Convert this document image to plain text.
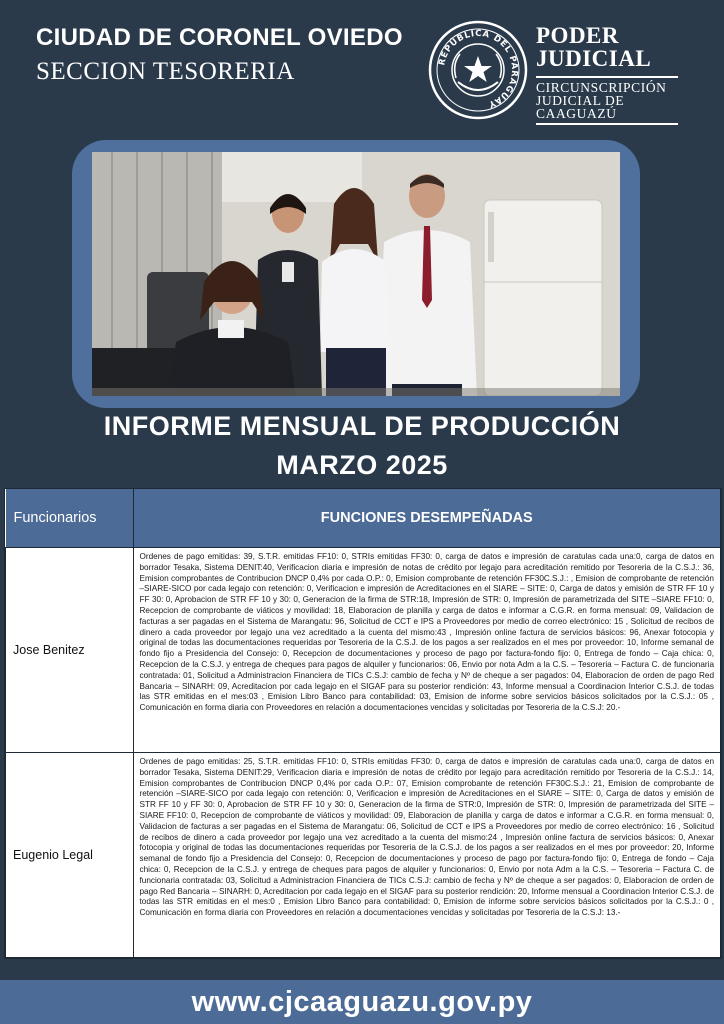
CIUDAD DE CORONEL OVIEDO
SECCION TESORERIA	REPÚBLICA DEL PARAGUAY
PODER
JUDICIAL
CIRCUNSCRIPCIÓN
JUDICIAL DE
CAAGUAZÚ
INFORME MENSUAL DE PRODUCCIÓN
MARZO 2025
Funcionarios	FUNCIONES DESEMPEÑADAS
Jose Benitez	Ordenes de pago emitidas: 39, S.T.R. emitidas FF10: 0, STRIs emitidas FF30: 0, carga de datos e impresión de caratulas cada una:0, carga de datos en borrador Tesaka, Sistema DENIT:40, Verificacion diaria e impresión de notas de crédito por legajo para acreditación remitido por Tesoreria de la C.S.J.: 36, Emision comprobantes de Contribucion DNCP 0,4% por cada O.P.: 0, Emision comprobante de retención FF30C.S.J.: , Emision de comprobante de retención –SIARE-SICO por cada legajo con retención: 0, Verificacion e impresión de Acreditaciones en el SIARE – SITE: 0, Carga de datos y emisión de STR FF 10 y FF 30: 0, Aprobacion de STR FF 10 y 30: 0, Generacion de la firma de STR:18, Impresión de STR: 0, Impresión de parametrizada del SITE –SIARE FF10: 0, Recepcion de comprobante de viáticos y movilidad: 18, Elaboracion de planilla y carga de datos e informar a C.G.R. en forma mensual: 09, Validacion de facturas a ser pagadas en el Sistema de Marangatu: 96, Solicitud de CCT e IPS a Proveedores por medio de correo electrónico: 15 , Solicitud de recibos de dinero a cada proveedor por legajo una vez acreditado a la cuenta del mismo:43 , Impresión online factura de servicios básicos: 96, Anexar fotocopia y original de todas las documentaciones requeridas por Tesoreria de la C.S.J. de los pagos a ser realizados en el mes por proveedor: 10, Informe semanal de fondo fijo a Presidencia del Consejo: 0, Recepcion de documentaciones y proceso de pago por factura-fondo fijo: 0, Entrega de fondo – Caja chica: 0, Recepcion de la C.S.J. y entrega de cheques para pagos de alquiler y funcionarios: 06, Envio por nota Adm a la C.S. – Tesoreria – Factura C. de funcionaria contratada: 01, Solicitud a Administracion Financiera de TICs C.S.J: cambio de fecha y Nº de cheque a ser pagados: 04, Elaboracion de orden de pago Red Bancaria – SINARH: 09, Acreditacion por cada legajo en el SIGAF para su posterior rendición: 43, Informe mensual a Coordinacion Interior C.S.J. de todas las STR emitidas en el mes:03 , Emision Libro Banco para contabilidad: 03, Emision de informe sobre servicios básicos solicitados por la C.S.J.: 05 , Comunicación en forma diaria con Proveedores en relación a documentaciones vencidas y solicitadas por Tesoreria de la C.S.J: 20.-
Eugenio Legal	Ordenes de pago emitidas: 25, S.T.R. emitidas FF10: 0, STRIs emitidas FF30: 0, carga de datos e impresión de caratulas cada una:0, carga de datos en borrador Tesaka, Sistema DENIT:29, Verificacion diaria e impresión de notas de crédito por legajo para acreditación remitido por Tesoreria de la C.S.J.: 14, Emision comprobantes de Contribucion DNCP 0,4% por cada O.P.: 07, Emision comprobante de retención FF30C.S.J.: 21, Emision de comprobante de retención –SIARE-SICO por cada legajo con retención: 0, Verificacion e impresión de Acreditaciones en el SIARE – SITE: 0, Carga de datos y emisión de STR FF 10 y FF 30: 0, Aprobacion de STR FF 10 y 30: 0, Generacion de la firma de STR:0, Impresión de STR: 0, Impresión de parametrizada del SITE –SIARE FF10: 0, Recepcion de comprobante de viáticos y movilidad: 09, Elaboracion de planilla y carga de datos e informar a C.G.R. en forma mensual: 0, Validacion de facturas a ser pagadas en el Sistema de Marangatu: 06, Solicitud de CCT e IPS a Proveedores por medio de correo electrónico: 16 , Solicitud de recibos de dinero a cada proveedor por legajo una vez acreditado a la cuenta del mismo:24 , Impresión online factura de servicios básicos: 0, Anexar fotocopia y original de todas las documentaciones requeridas por Tesoreria de la C.S.J. de los pagos a ser realizados en el mes por proveedor: 20, Informe semanal de fondo fijo a Presidencia del Consejo: 0, Recepcion de documentaciones y proceso de pago por factura-fondo fijo: 0, Entrega de fondo – Caja chica: 0, Recepcion de la C.S.J. y entrega de cheques para pagos de alquiler y funcionarios: 0, Envio por nota Adm a la C.S. – Tesoreria – Factura C. de funcionaria contratada: 03, Solicitud a Administracion Financiera de TICs C.S.J: cambio de fecha y Nº de cheque a ser pagados: 0, Elaboracion de orden de pago Red Bancaria – SINARH: 0, Acreditacion por cada legajo en el SIGAF para su posterior rendición: 20, Informe mensual a Coordinacion Interior C.S.J. de todas las STR emitidas en el mes:0 , Emision Libro Banco para contabilidad: 0, Emision de informe sobre servicios básicos solicitados por la C.S.J.: 0 , Comunicación en forma diaria con Proveedores en relación a documentaciones vencidas y solicitadas por Tesoreria de la C.S.J: 13.-
www.cjcaaguazu.gov.py
